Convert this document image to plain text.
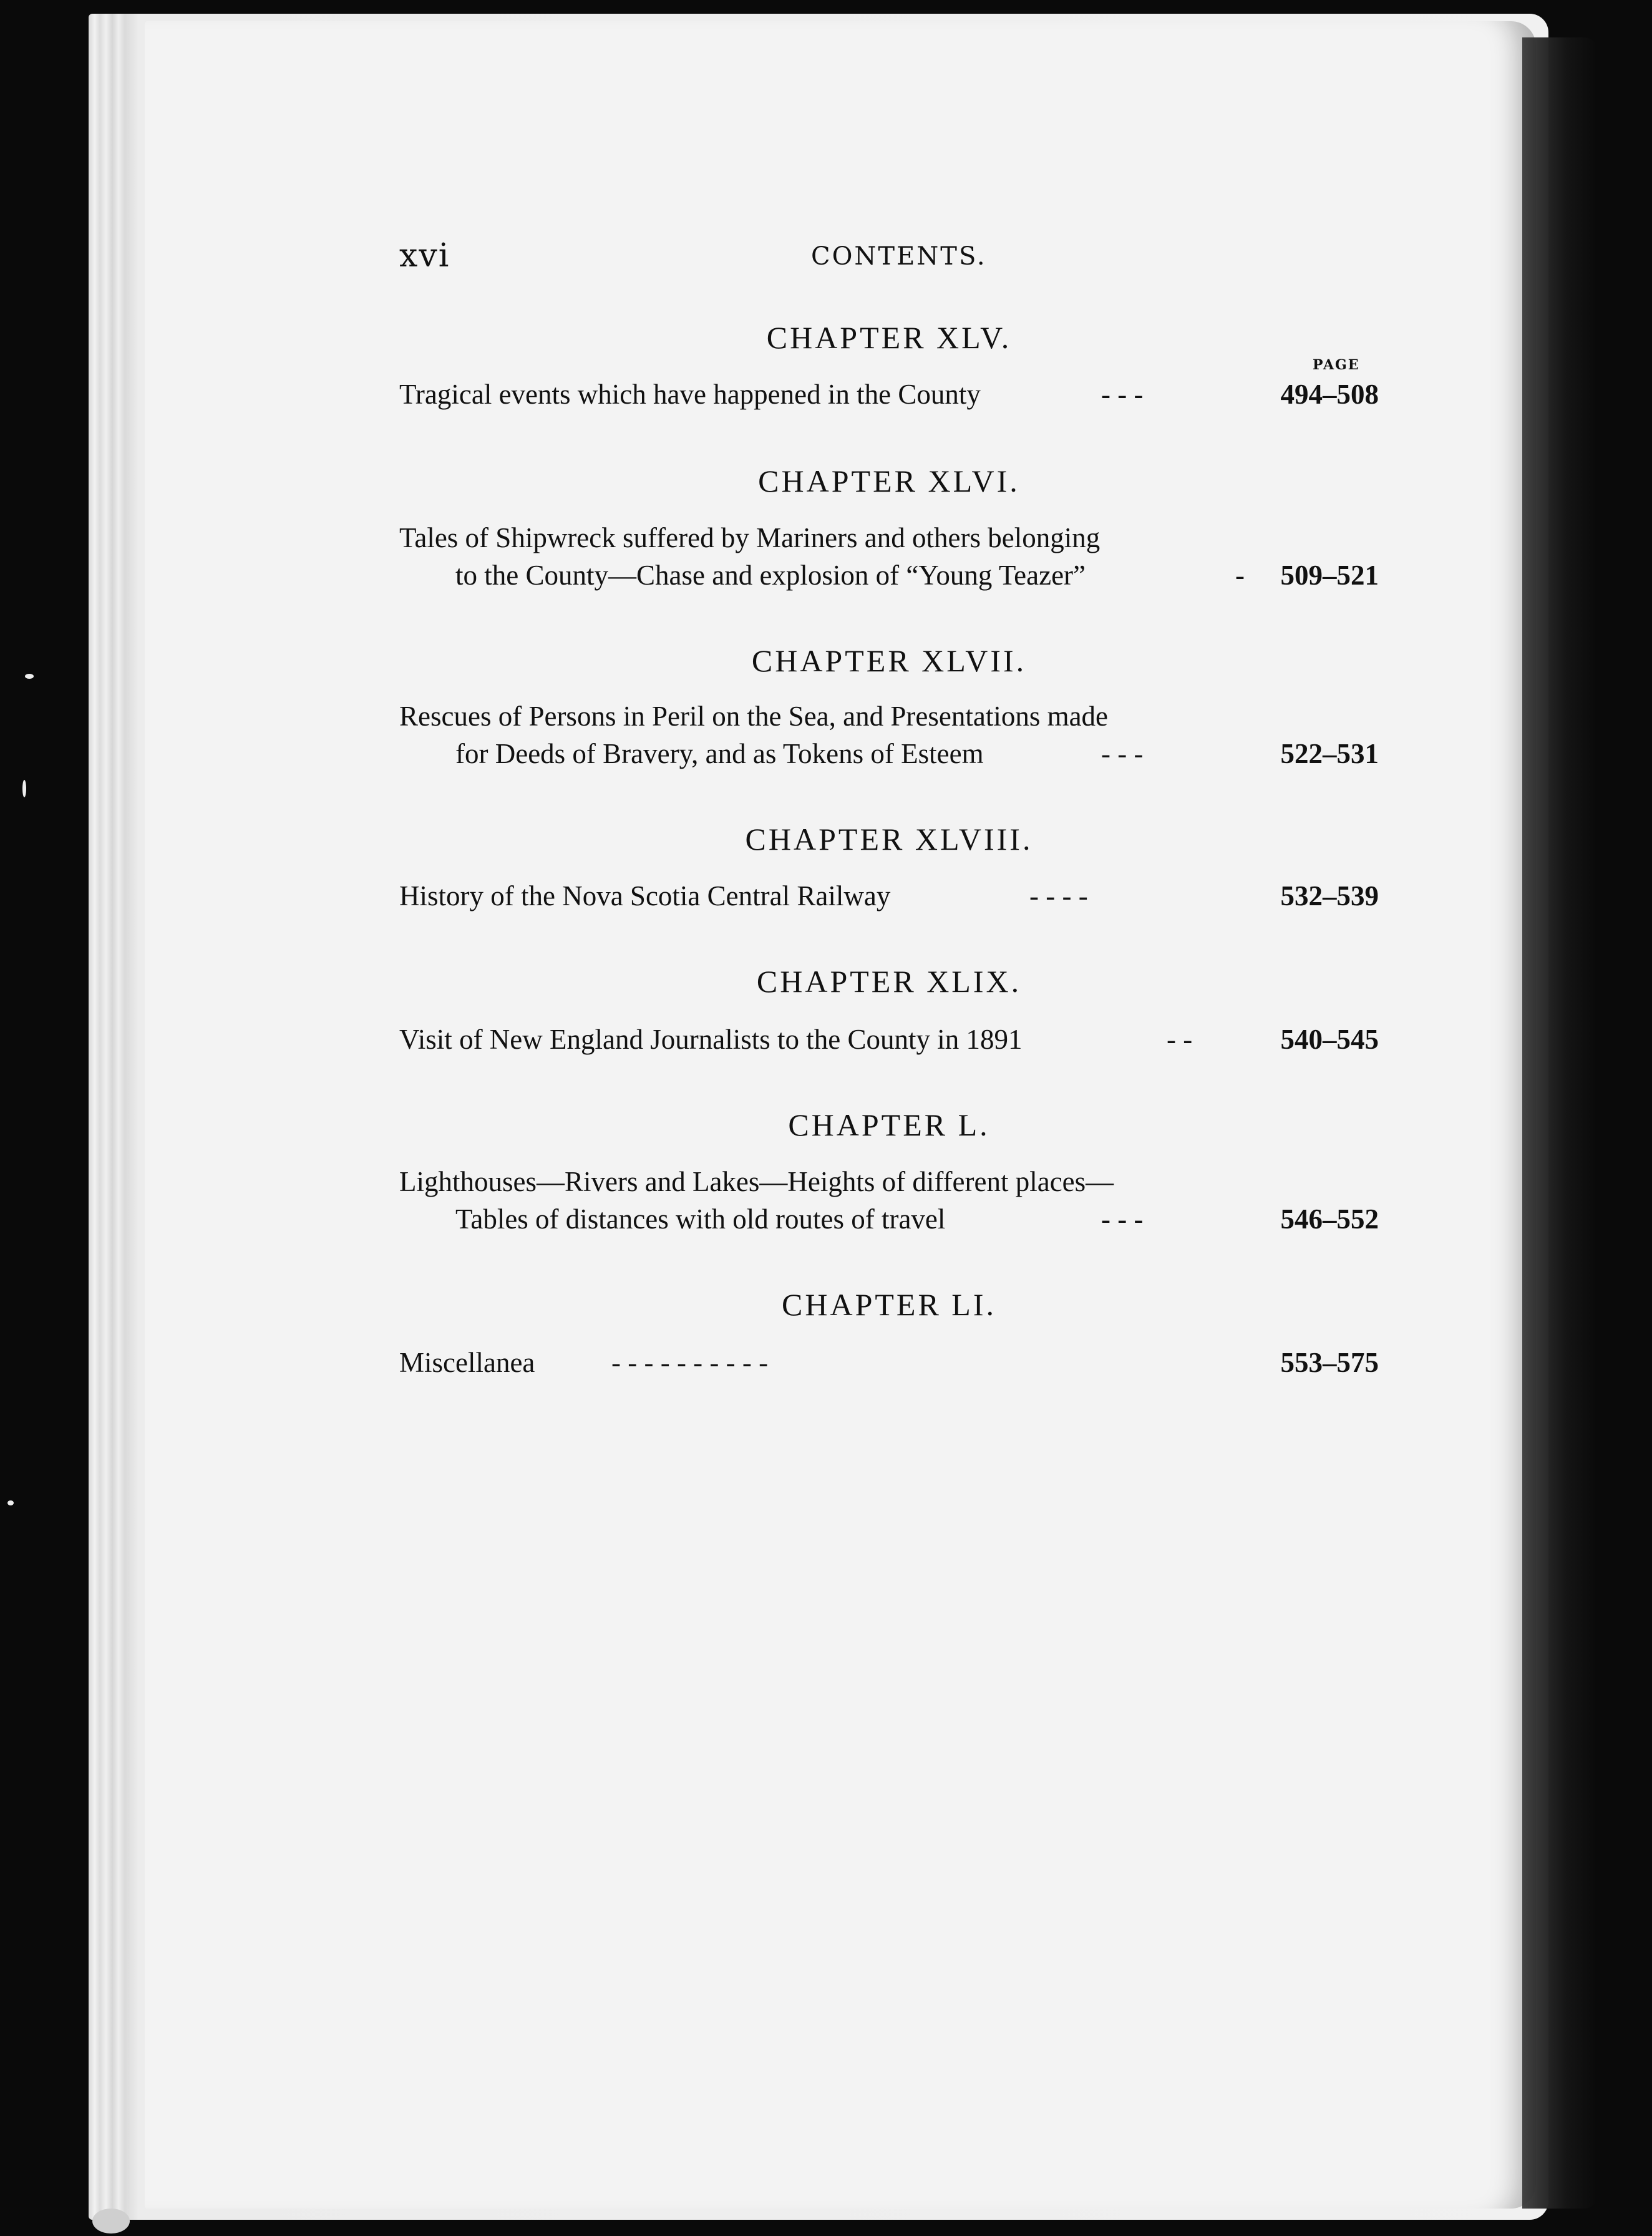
xvi	CONTENTS.
PAGE
CHAPTER XLV.
Tragical events which have happened in the County	- - -	494–508
CHAPTER XLVI.
Tales of Shipwreck suffered by Mariners and others belonging
to the County—Chase and explosion of “Young Teazer”	- 509–521
CHAPTER XLVII.
Rescues of Persons in Peril on the Sea, and Presentations made
for Deeds of Bravery, and as Tokens of Esteem	- - -	522–531
CHAPTER XLVIII.
History of the Nova Scotia Central Railway	- - - -	532–539
CHAPTER XLIX.
Visit of New England Journalists to the County in 1891	- -	540–545
CHAPTER L.
Lighthouses—Rivers and Lakes—Heights of different places—
Tables of distances with old routes of travel	- - -	546–552
CHAPTER LI.
Miscellanea	- - - - - - - - - -	553–575
